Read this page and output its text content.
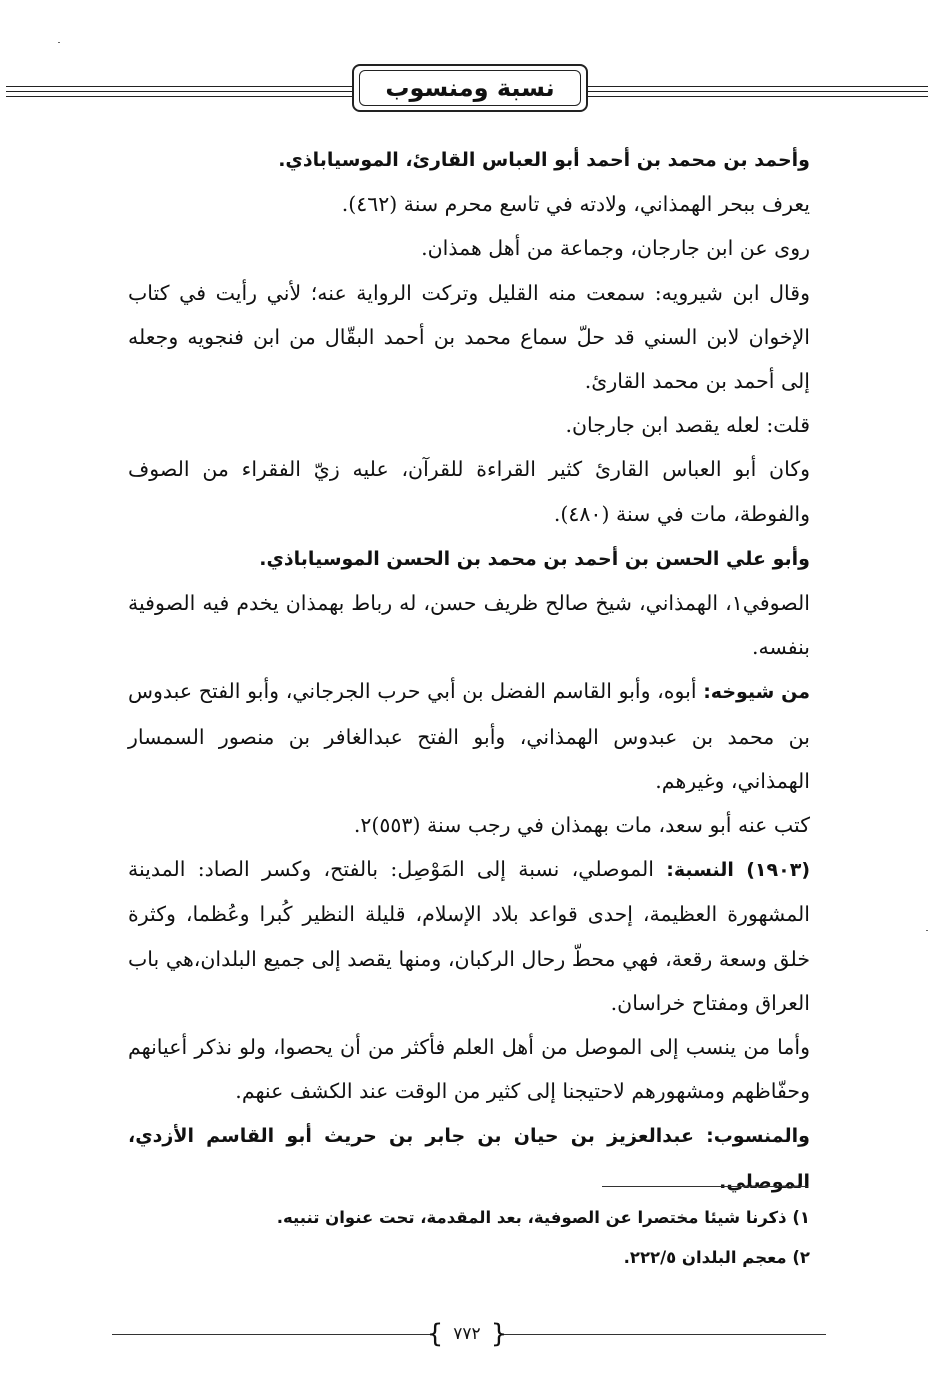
نسبة ومنسوب

وأحمد بن محمد بن أحمد أبو العباس القارئ، الموسياباذي.

يعرف ببحر الهمذاني، ولادته في تاسع محرم سنة (٤٦٢).

روى عن ابن جارجان، وجماعة من أهل همذان.

وقال ابن شيرويه: سمعت منه القليل وتركت الرواية عنه؛ لأني رأيت في كتاب الإخوان لابن السني قد حلّ سماع محمد بن أحمد البقّال من ابن فنجويه وجعله إلى أحمد بن محمد القارئ.

قلت: لعله يقصد ابن جارجان.

وكان أبو العباس القارئ كثير القراءة للقرآن، عليه زيّ الفقراء من الصوف والفوطة، مات في سنة (٤٨٠).

وأبو علي الحسن بن أحمد بن محمد بن الحسن الموسياباذي.

الصوفي١، الهمذاني، شيخ صالح ظريف حسن، له رباط بهمذان يخدم فيه الصوفية بنفسه.

من شيوخه: أبوه، وأبو القاسم الفضل بن أبي حرب الجرجاني، وأبو الفتح عبدوس بن محمد بن عبدوس الهمذاني، وأبو الفتح عبدالغافر بن منصور السمسار الهمذاني، وغيرهم.

كتب عنه أبو سعد، مات بهمذان في رجب سنة (٥٥٣)٢.

(١٩٠٣) النسبة: الموصلي، نسبة إلى المَوْصِل: بالفتح، وكسر الصاد: المدينة المشهورة العظيمة، إحدى قواعد بلاد الإسلام، قليلة النظير كُبرا وعُظما، وكثرة خلق وسعة رقعة، فهي محطّ رحال الركبان، ومنها يقصد إلى جميع البلدان،هي باب العراق ومفتاح خراسان.

وأما من ينسب إلى الموصل من أهل العلم فأكثر من أن يحصوا، ولو نذكر أعيانهم وحفّاظهم ومشهورهم لاحتيجنا إلى كثير من الوقت عند الكشف عنهم.

والمنسوب: عبدالعزيز بن حيان بن جابر بن حريث أبو القاسم الأزدي، الموصلي.

١) ذكرنا شيئا مختصرا عن الصوفية، بعد المقدمة، تحت عنوان تنبيه.

٢) معجم البلدان ٢٢٢/٥.

{ ٧٧٢ }
